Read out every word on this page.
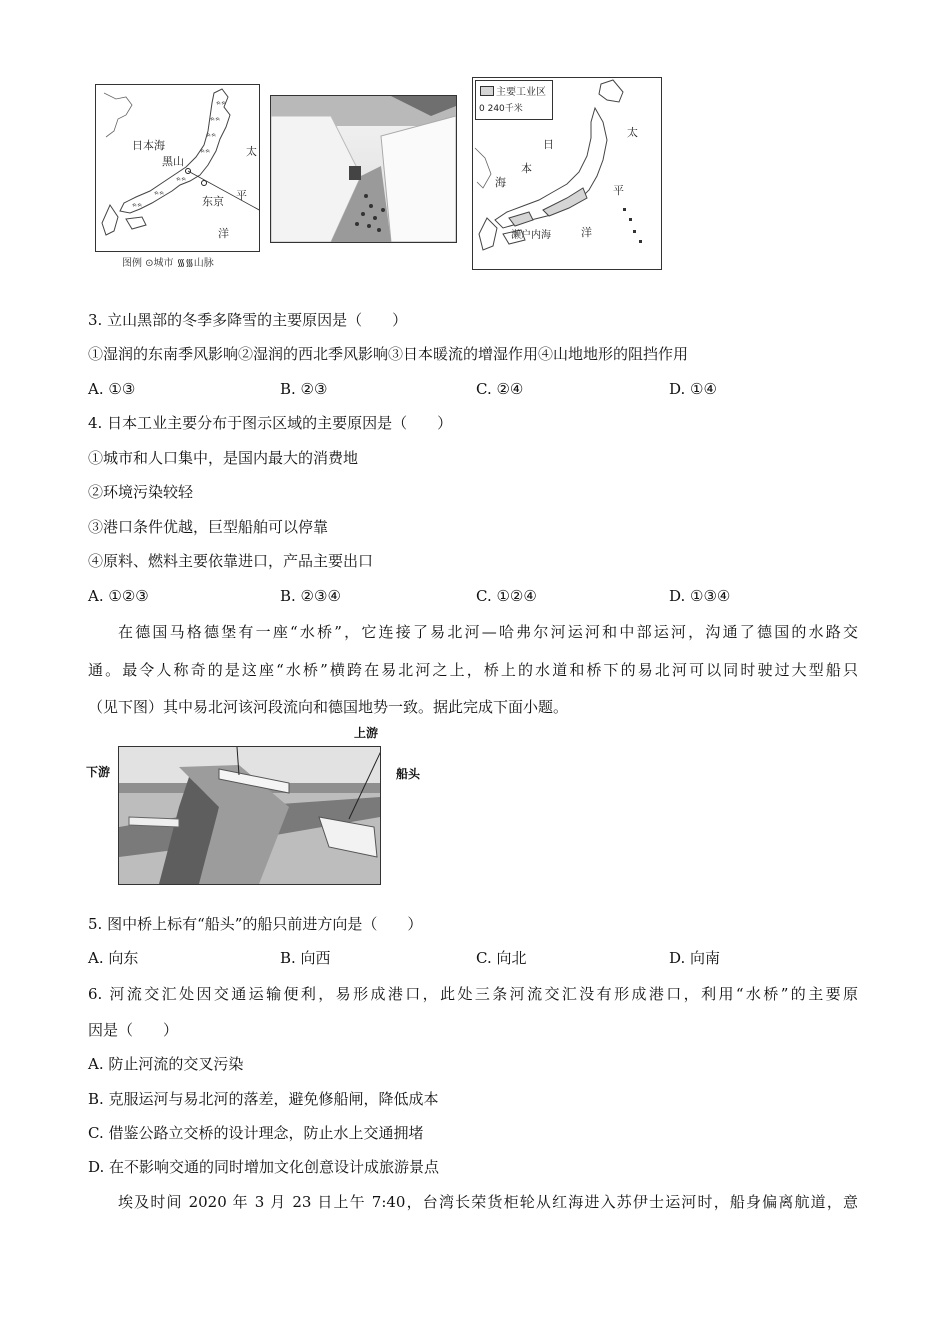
ᨑᨑ
ᨑᨑ
ᨑᨑ
ᨑᨑ
ᨑᨑ
ᨑᨑ
ᨑᨑ
日本海
黑山
东京
太
平
洋
图例 ⊙城市 ᯾᯾山脉
主要工业区
0 240千米
日
本
海
太
平
洋
濑户内海
3. 立山黑部的冬季多降雪的主要原因是（　　）
①湿润的东南季风影响②湿润的西北季风影响③日本暖流的增湿作用④山地地形的阻挡作用
A. ①③	B. ②③	C. ②④	D. ①④
4. 日本工业主要分布于图示区域的主要原因是（　　）
①城市和人口集中，是国内最大的消费地
②环境污染较轻
③港口条件优越，巨型船舶可以停靠
④原料、燃料主要依靠进口，产品主要出口
A. ①②③	B. ②③④	C. ①②④	D. ①③④
在德国马格德堡有一座“水桥”，它连接了易北河—哈弗尔河运河和中部运河，沟通了德国的水路交
通。最令人称奇的是这座“水桥”横跨在易北河之上，桥上的水道和桥下的易北河可以同时驶过大型船只
（见下图）其中易北河该河段流向和德国地势一致。据此完成下面小题。
上游
下游	船头
5. 图中桥上标有“船头”的船只前进方向是（　　）
A. 向东	B. 向西	C. 向北	D. 向南
6. 河流交汇处因交通运输便利，易形成港口，此处三条河流交汇没有形成港口，利用“水桥”的主要原
因是（　　）
A. 防止河流的交叉污染
B. 克服运河与易北河的落差，避免修船闸，降低成本
C. 借鉴公路立交桥的设计理念，防止水上交通拥堵
D. 在不影响交通的同时增加文化创意设计成旅游景点
埃及时间 2020 年 3 月 23 日上午 7:40，台湾长荣货柜轮从红海进入苏伊士运河时，船身偏离航道，意
